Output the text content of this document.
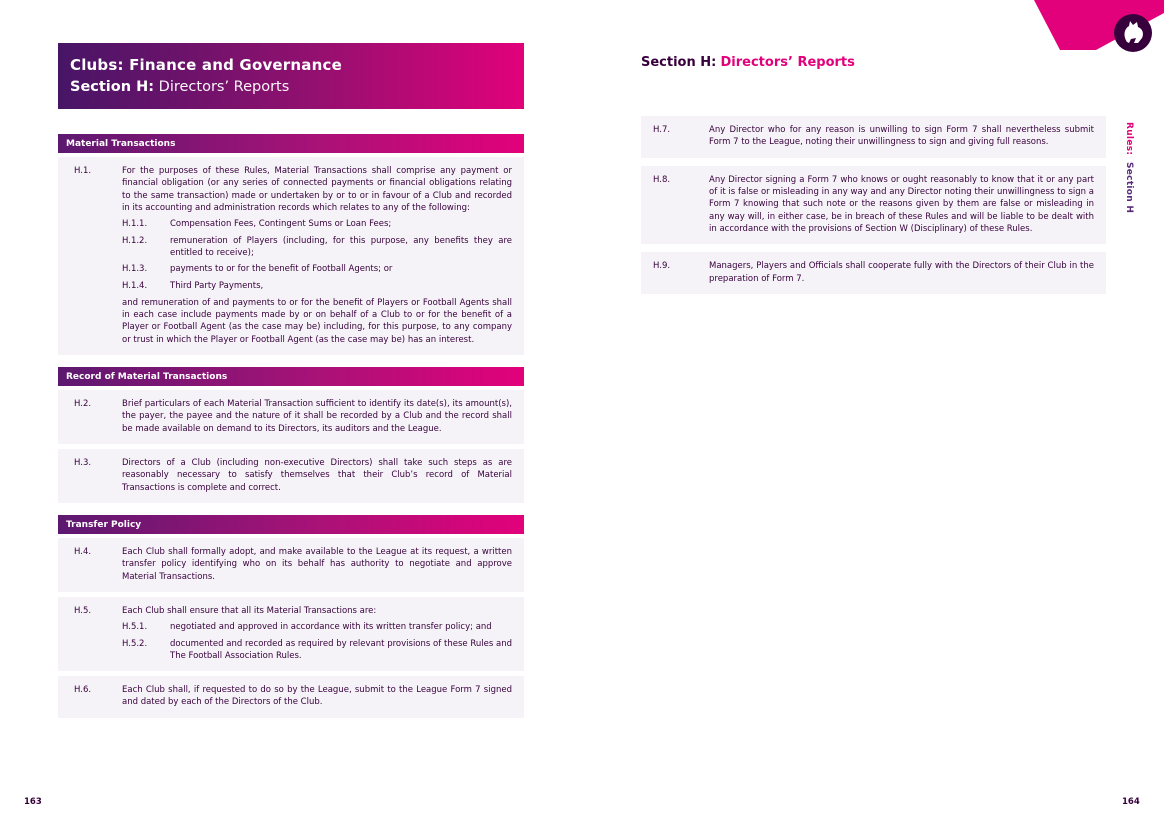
Rules: Section H
Clubs: Finance and Governance
Section H: Directors’ Reports
Material Transactions
H.1.	For the purposes of these Rules, Material Transactions shall comprise any payment or financial obligation (or any series of connected payments or financial obligations relating to the same transaction) made or undertaken by or to or in favour of a Club and recorded in its accounting and administration records which relates to any of the following:

H.1.1.	Compensation Fees, Contingent Sums or Loan Fees;

H.1.2.	remuneration of Players (including, for this purpose, any benefits they are entitled to receive);

H.1.3.	payments to or for the benefit of Football Agents; or

H.1.4.	Third Party Payments,

and remuneration of and payments to or for the benefit of Players or Football Agents shall in each case include payments made by or on behalf of a Club to or for the benefit of a Player or Football Agent (as the case may be) including, for this purpose, to any company or trust in which the Player or Football Agent (as the case may be) has an interest.

Record of Material Transactions
H.2.	Brief particulars of each Material Transaction sufficient to identify its date(s), its amount(s), the payer, the payee and the nature of it shall be recorded by a Club and the record shall be made available on demand to its Directors, its auditors and the League.

H.3.	Directors of a Club (including non-executive Directors) shall take such steps as are reasonably necessary to satisfy themselves that their Club’s record of Material Transactions is complete and correct.

Transfer Policy
H.4.	Each Club shall formally adopt, and make available to the League at its request, a written transfer policy identifying who on its behalf has authority to negotiate and approve Material Transactions.

H.5.	Each Club shall ensure that all its Material Transactions are:

H.5.1.	negotiated and approved in accordance with its written transfer policy; and

H.5.2.	documented and recorded as required by relevant provisions of these Rules and The Football Association Rules.

H.6.	Each Club shall, if requested to do so by the League, submit to the League Form 7 signed and dated by each of the Directors of the Club.

Section H: Directors’ Reports
H.7.	Any Director who for any reason is unwilling to sign Form 7 shall nevertheless submit Form 7 to the League, noting their unwillingness to sign and giving full reasons.

H.8.	Any Director signing a Form 7 who knows or ought reasonably to know that it or any part of it is false or misleading in any way and any Director noting their unwillingness to sign a Form 7 knowing that such note or the reasons given by them are false or misleading in any way will, in either case, be in breach of these Rules and will be liable to be dealt with in accordance with the provisions of Section W (Disciplinary) of these Rules.

H.9.	Managers, Players and Officials shall cooperate fully with the Directors of their Club in the preparation of Form 7.

163	164
